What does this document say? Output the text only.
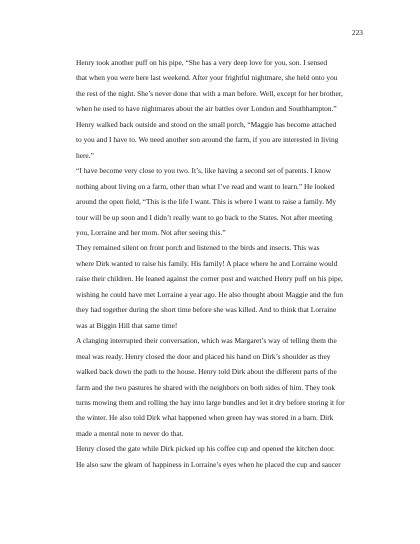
223

Henry took another puff on his pipe, “She has a very deep love for you, son. I sensed
that when you were here last weekend. After your frightful nightmare, she held onto you
the rest of the night. She’s never done that with a man before. Well, except for her brother,
when he used to have nightmares about the air battles over London and Southhampton.”

Henry walked back outside and stood on the small porch, “Maggie has become attached
to you and I have to. We need another son around the farm, if you are interested in living
here.”

“I have become very close to you two. It’s, like having a second set of parents. I know
nothing about living on a farm, other than what I’ve read and want to learn.” He looked
around the open field, “This is the life I want. This is where I want to raise a family. My
tour will be up soon and I didn’t really want to go back to the States. Not after meeting
you, Lorraine and her mom. Not after seeing this.”

They remained silent on front porch and listened to the birds and insects. This was
where Dirk wanted to raise his family. His family! A place where he and Lorraine would
raise their children. He leaned against the corner post and watched Henry puff on his pipe,
wishing he could have met Lorraine a year ago. He also thought about Maggie and the fun
they had together during the short time before she was killed. And to think that Lorraine
was at Biggin Hill that same time!

A clanging interrupted their conversation, which was Margaret’s way of telling them the
meal was ready. Henry closed the door and placed his hand on Dirk’s shoulder as they
walked back down the path to the house. Henry told Dirk about the different parts of the
farm and the two pastures he shared with the neighbors on both sides of him. They took
turns mowing them and rolling the hay into large bundles and let it dry before storing it for
the winter. He also told Dirk what happened when green hay was stored in a barn. Dirk
made a mental note to never do that.

Henry closed the gate while Dirk picked up his coffee cup and opened the kitchen door.
He also saw the gleam of happiness in Lorraine’s eyes when he placed the cup and saucer
